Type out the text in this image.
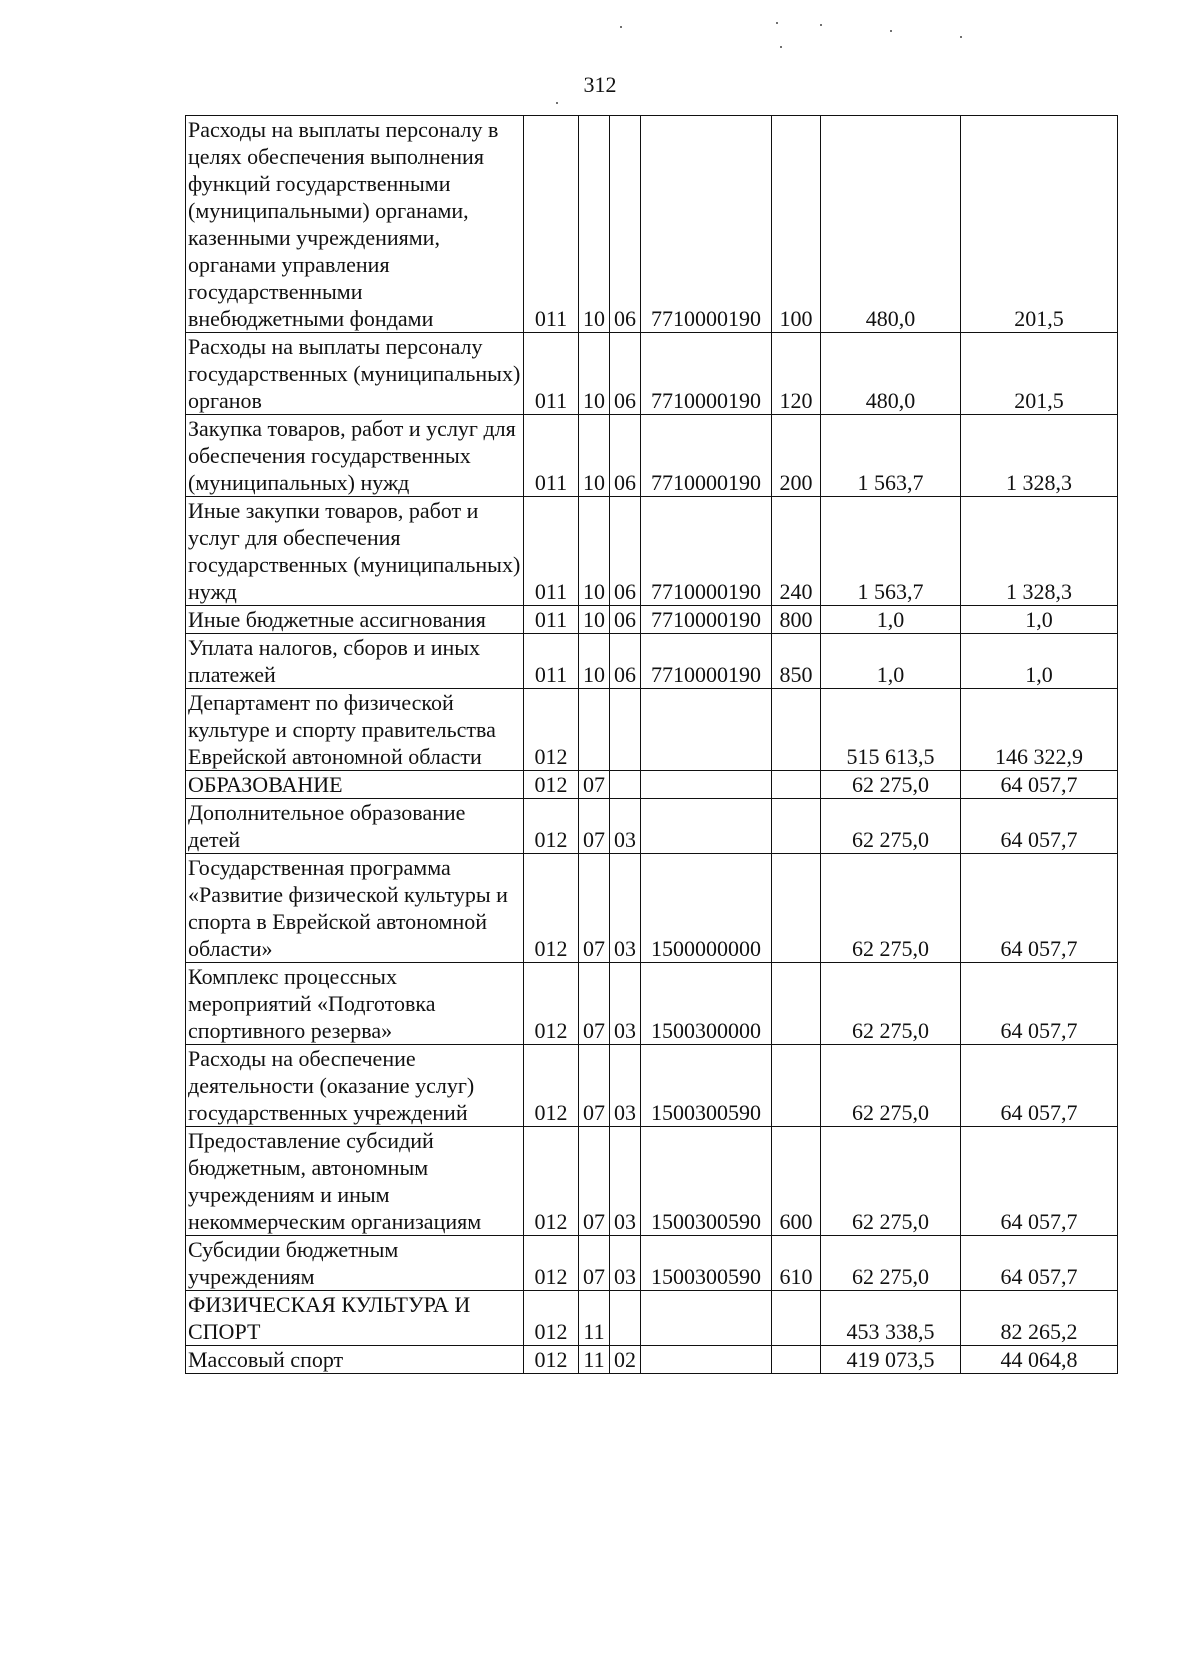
312
Расходы на выплаты персоналу в целях обеспечения выполнения функций государственными (муниципальными) органами, казенными учреждениями, органами управления государственными внебюджетными фондами	011	10	06	7710000190	100	480,0	201,5
Расходы на выплаты персоналу государственных (муниципальных) органов	011	10	06	7710000190	120	480,0	201,5
Закупка товаров, работ и услуг для обеспечения государственных (муниципальных) нужд	011	10	06	7710000190	200	1 563,7	1 328,3
Иные закупки товаров, работ и услуг для обеспечения государственных (муниципальных) нужд	011	10	06	7710000190	240	1 563,7	1 328,3
Иные бюджетные ассигнования	011	10	06	7710000190	800	1,0	1,0
Уплата налогов, сборов и иных платежей	011	10	06	7710000190	850	1,0	1,0
Департамент по физической культуре и спорту правительства Еврейской автономной области	012					515 613,5	146 322,9
ОБРАЗОВАНИЕ	012	07				62 275,0	64 057,7
Дополнительное образование детей	012	07	03			62 275,0	64 057,7
Государственная программа «Развитие физической культуры и спорта в Еврейской автономной области»	012	07	03	1500000000		62 275,0	64 057,7
Комплекс процессных мероприятий «Подготовка спортивного резерва»	012	07	03	1500300000		62 275,0	64 057,7
Расходы на обеспечение деятельности (оказание услуг) государственных учреждений	012	07	03	1500300590		62 275,0	64 057,7
Предоставление субсидий бюджетным, автономным учреждениям и иным некоммерческим организациям	012	07	03	1500300590	600	62 275,0	64 057,7
Субсидии бюджетным учреждениям	012	07	03	1500300590	610	62 275,0	64 057,7
ФИЗИЧЕСКАЯ КУЛЬТУРА И СПОРТ	012	11				453 338,5	82 265,2
Массовый спорт	012	11	02			419 073,5	44 064,8
